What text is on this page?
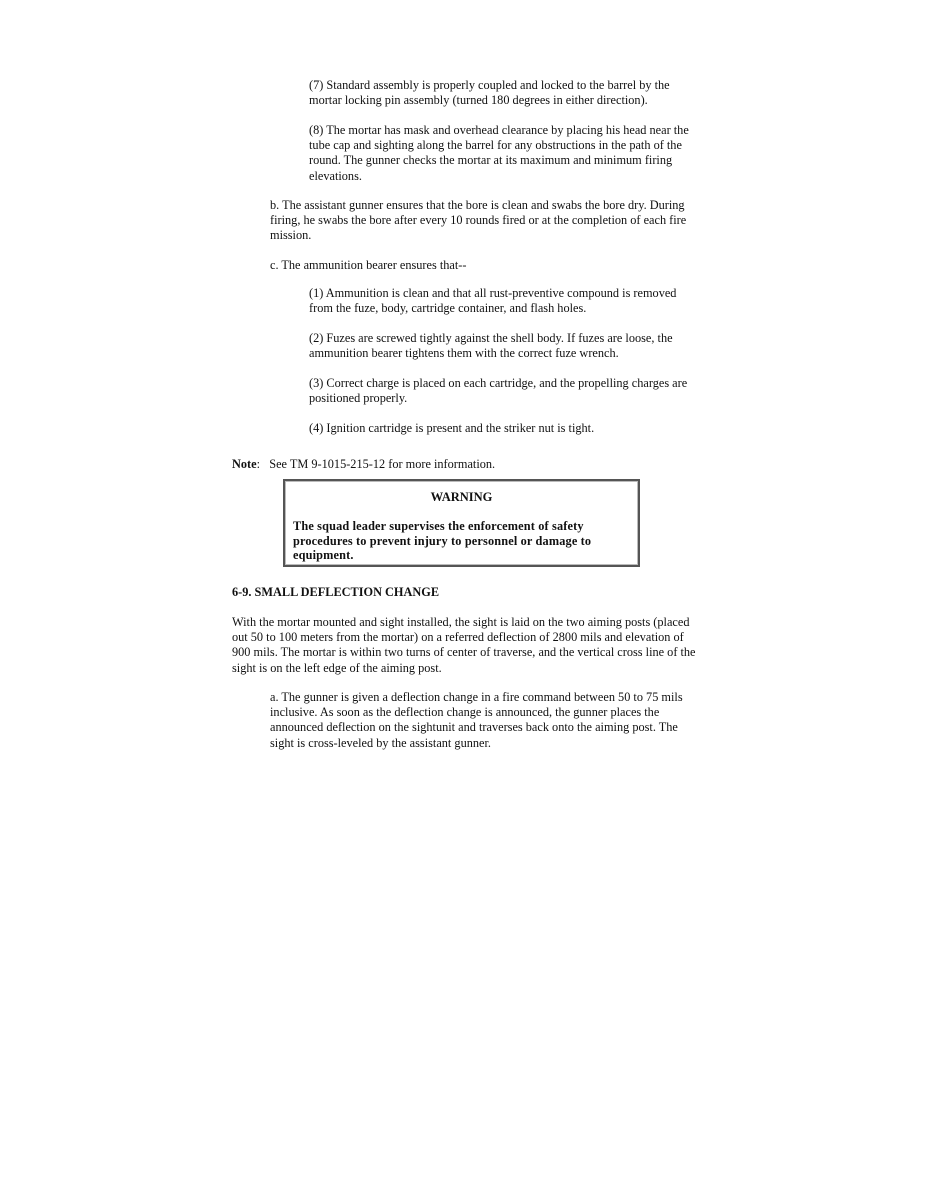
(7) Standard assembly is properly coupled and locked to the barrel by the mortar locking pin assembly (turned 180 degrees in either direction).

(8) The mortar has mask and overhead clearance by placing his head near the tube cap and sighting along the barrel for any obstructions in the path of the round. The gunner checks the mortar at its maximum and minimum firing elevations.

b. The assistant gunner ensures that the bore is clean and swabs the bore dry. During firing, he swabs the bore after every 10 rounds fired or at the completion of each fire mission.

c. The ammunition bearer ensures that--

(1) Ammunition is clean and that all rust-preventive compound is removed from the fuze, body, cartridge container, and flash holes.

(2) Fuzes are screwed tightly against the shell body. If fuzes are loose, the ammunition bearer tightens them with the correct fuze wrench.

(3) Correct charge is placed on each cartridge, and the propelling charges are positioned properly.

(4) Ignition cartridge is present and the striker nut is tight.

Note: See TM 9-1015-215-12 for more information.

WARNING

The squad leader supervises the enforcement of safety procedures to prevent injury to personnel or damage to equipment.

6-9. SMALL DEFLECTION CHANGE

With the mortar mounted and sight installed, the sight is laid on the two aiming posts (placed out 50 to 100 meters from the mortar) on a referred deflection of 2800 mils and elevation of 900 mils. The mortar is within two turns of center of traverse, and the vertical cross line of the sight is on the left edge of the aiming post.

a. The gunner is given a deflection change in a fire command between 50 to 75 mils inclusive. As soon as the deflection change is announced, the gunner places the announced deflection on the sightunit and traverses back onto the aiming post. The sight is cross-leveled by the assistant gunner.
